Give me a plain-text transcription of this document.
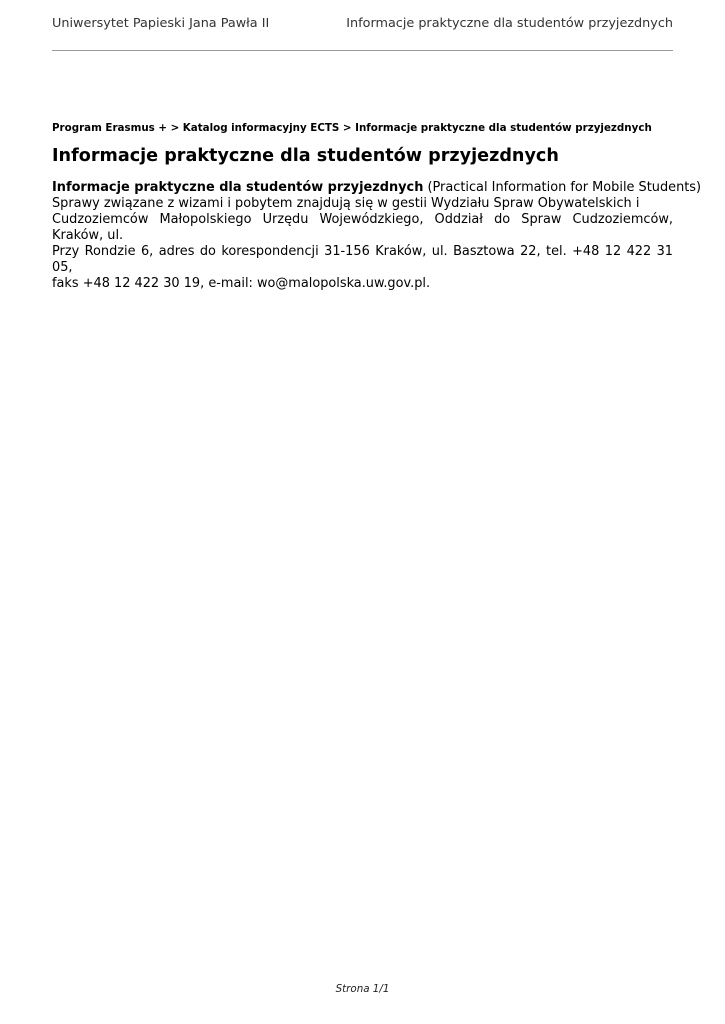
Uniwersytet Papieski Jana Pawła II	Informacje praktyczne dla studentów przyjezdnych
Program Erasmus + > Katalog informacyjny ECTS > Informacje praktyczne dla studentów przyjezdnych
Informacje praktyczne dla studentów przyjezdnych

Informacje praktyczne dla studentów przyjezdnych (Practical Information for Mobile Students)

Sprawy związane z wizami i pobytem znajdują się w gestii Wydziału Spraw Obywatelskich i

Cudzoziemców Małopolskiego Urzędu Wojewódzkiego, Oddział do Spraw Cudzoziemców, Kraków, ul.

Przy Rondzie 6, adres do korespondencji 31-156 Kraków, ul. Basztowa 22, tel. +48 12 422 31 05,

faks +48 12 422 30 19, e-mail: wo@malopolska.uw.gov.pl.

Strona 1/1
